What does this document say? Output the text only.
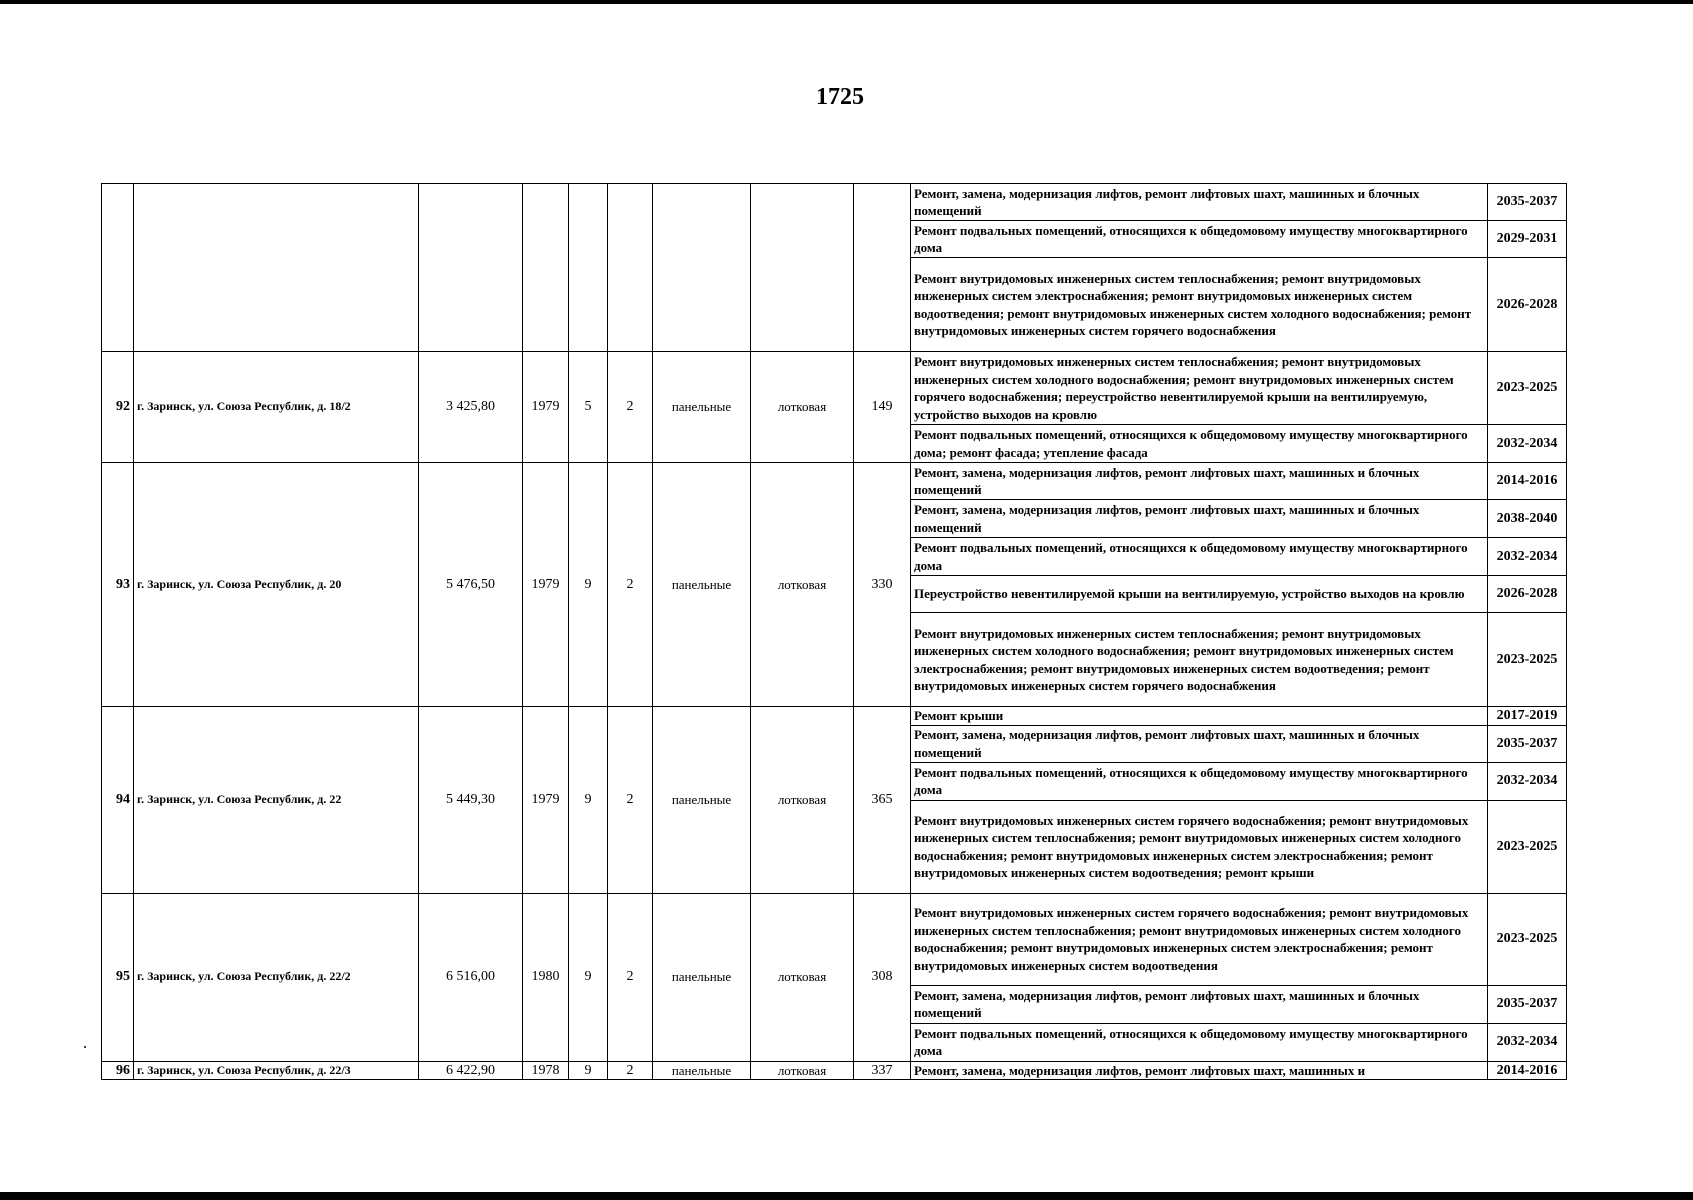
1725
									Ремонт, замена, модернизация лифтов, ремонт лифтовых шахт, машинных и блочных помещений	2035-2037
									Ремонт подвальных помещений, относящихся к общедомовому имуществу многоквартирного дома	2029-2031
									Ремонт внутридомовых инженерных систем теплоснабжения; ремонт внутридомовых инженерных систем электроснабжения; ремонт внутридомовых инженерных систем водоотведения; ремонт внутридомовых инженерных систем холодного водоснабжения; ремонт внутридомовых инженерных систем горячего водоснабжения	2026-2028
92	г. Заринск, ул. Союза Республик, д. 18/2	3 425,80	1979	5	2	панельные	лотковая	149	Ремонт внутридомовых инженерных систем теплоснабжения; ремонт внутридомовых инженерных систем холодного водоснабжения; ремонт внутридомовых инженерных систем горячего водоснабжения; переустройство невентилируемой крыши на вентилируемую, устройство выходов на кровлю	2023-2025
									Ремонт подвальных помещений, относящихся к общедомовому имуществу многоквартирного дома; ремонт фасада; утепление фасада	2032-2034
93	г. Заринск, ул. Союза Республик, д. 20	5 476,50	1979	9	2	панельные	лотковая	330	Ремонт, замена, модернизация лифтов, ремонт лифтовых шахт, машинных и блочных помещений	2014-2016
									Ремонт, замена, модернизация лифтов, ремонт лифтовых шахт, машинных и блочных помещений	2038-2040
									Ремонт подвальных помещений, относящихся к общедомовому имуществу многоквартирного дома	2032-2034
									Переустройство невентилируемой крыши на вентилируемую, устройство выходов на кровлю	2026-2028
									Ремонт внутридомовых инженерных систем теплоснабжения; ремонт внутридомовых инженерных систем холодного водоснабжения; ремонт внутридомовых инженерных систем электроснабжения; ремонт внутридомовых инженерных систем водоотведения; ремонт внутридомовых инженерных систем горячего водоснабжения	2023-2025
94	г. Заринск, ул. Союза Республик, д. 22	5 449,30	1979	9	2	панельные	лотковая	365	Ремонт крыши	2017-2019
									Ремонт, замена, модернизация лифтов, ремонт лифтовых шахт, машинных и блочных помещений	2035-2037
									Ремонт подвальных помещений, относящихся к общедомовому имуществу многоквартирного дома	2032-2034
									Ремонт внутридомовых инженерных систем горячего водоснабжения; ремонт внутридомовых инженерных систем теплоснабжения; ремонт внутридомовых инженерных систем холодного водоснабжения; ремонт внутридомовых инженерных систем электроснабжения; ремонт внутридомовых инженерных систем водоотведения; ремонт крыши	2023-2025
95	г. Заринск, ул. Союза Республик, д. 22/2	6 516,00	1980	9	2	панельные	лотковая	308	Ремонт внутридомовых инженерных систем горячего водоснабжения; ремонт внутридомовых инженерных систем теплоснабжения; ремонт внутридомовых инженерных систем холодного водоснабжения; ремонт внутридомовых инженерных систем электроснабжения; ремонт внутридомовых инженерных систем водоотведения	2023-2025
									Ремонт, замена, модернизация лифтов, ремонт лифтовых шахт, машинных и блочных помещений	2035-2037
									Ремонт подвальных помещений, относящихся к общедомовому имуществу многоквартирного дома	2032-2034
96	г. Заринск, ул. Союза Республик, д. 22/3	6 422,90	1978	9	2	панельные	лотковая	337	Ремонт, замена, модернизация лифтов, ремонт лифтовых шахт, машинных и	2014-2016
